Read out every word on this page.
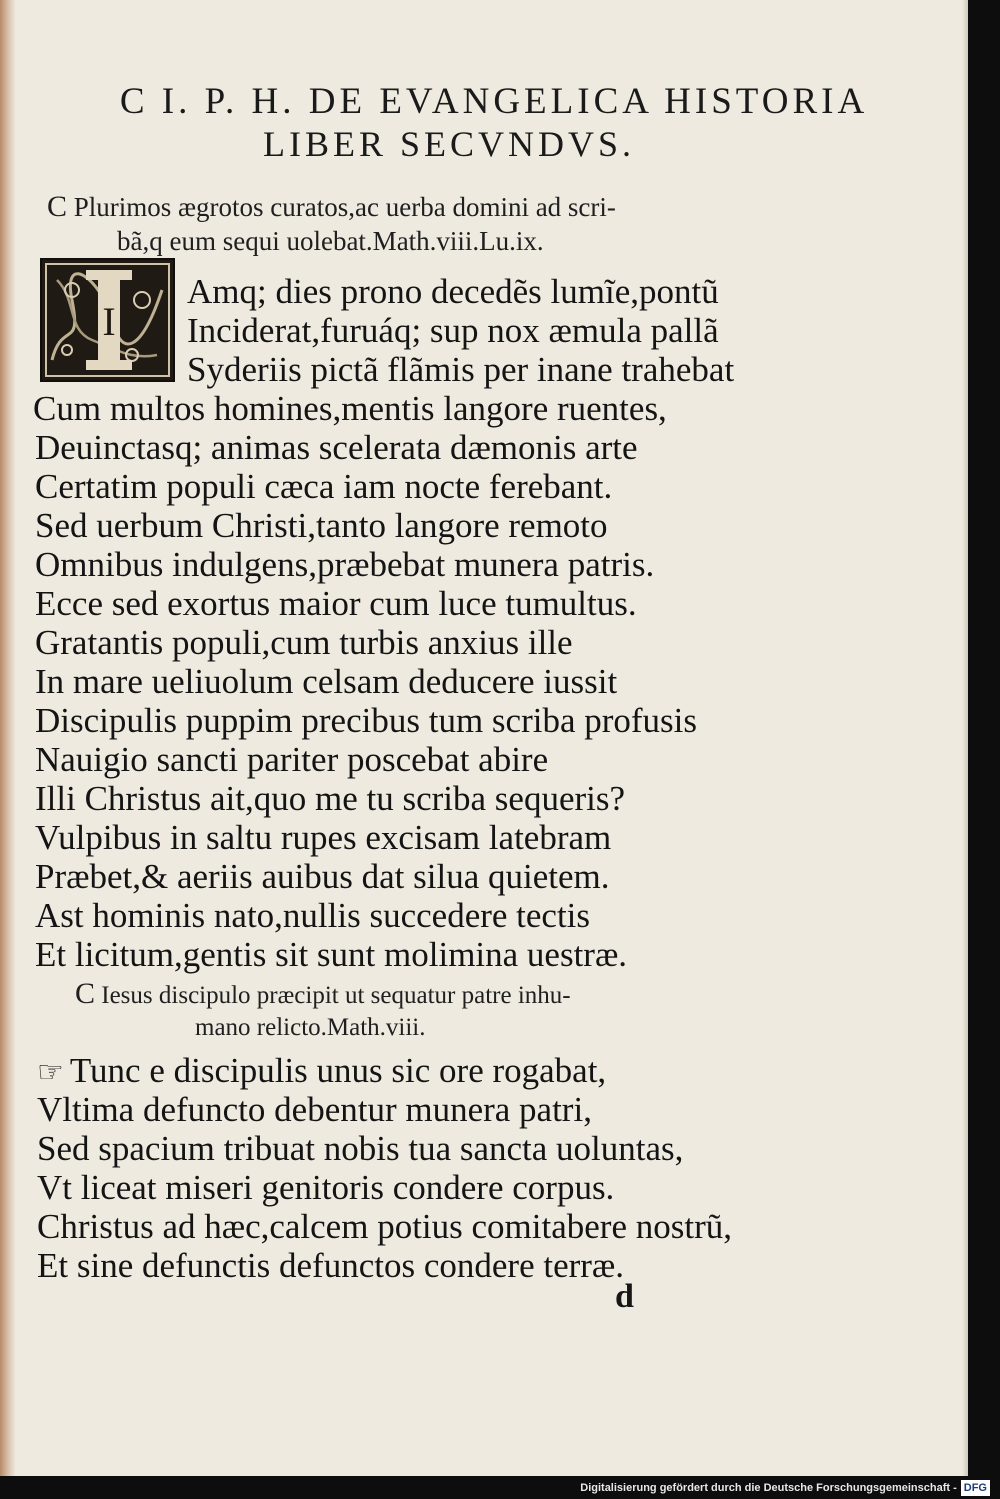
C I. P. H. DE EVANGELICA HISTORIA

LIBER SECVNDVS.

C Plurimos ægrotos curatos,ac uerba domini ad scri-
bã,q eum sequi uolebat.Math.viii.Lu.ix.
I
Amq; dies prono decedẽs lumĩe,pontũ
Inciderat,furuáq; sup nox æmula pallã
Syderiis pictã flãmis per inane trahebat
Cum multos homines,mentis langore ruentes,
Deuinctasq; animas scelerata dæmonis arte
Certatim populi cæca iam nocte ferebant.
Sed uerbum Christi,tanto langore remoto
Omnibus indulgens,præbebat munera patris.
Ecce sed exortus maior cum luce tumultus.
Gratantis populi,cum turbis anxius ille
In mare ueliuolum celsam deducere iussit
Discipulis puppim precibus tum scriba profusis
Nauigio sancti pariter poscebat abire
Illi Christus ait,quo me tu scriba sequeris?
Vulpibus in saltu rupes excisam latebram
Præbet,& aeriis auibus dat silua quietem.
Ast hominis nato,nullis succedere tectis
Et licitum,gentis sit sunt molimina uestræ.
C Iesus discipulo præcipit ut sequatur patre inhu-
mano relicto.Math.viii.
☞ Tunc e discipulis unus sic ore rogabat,
Vltima defuncto debentur munera patri,
Sed spacium tribuat nobis tua sancta uoluntas,
Vt liceat miseri genitoris condere corpus.
Christus ad hæc,calcem potius comitabere nostrũ,
Et sine defunctis defunctos condere terræ.
d
Digitalisierung gefördert durch die Deutsche Forschungsgemeinschaft - DFG
